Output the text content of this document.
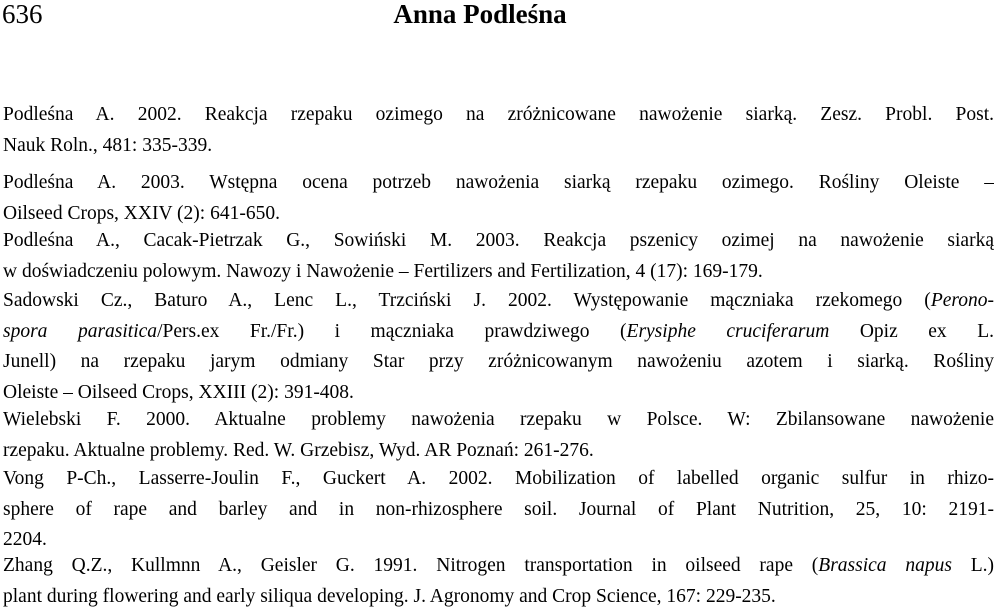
636	Anna Podleśna
Podleśna A. 2002. Reakcja rzepaku ozimego na zróżnicowane nawożenie siarką. Zesz. Probl. Post.
Nauk Roln., 481: 335-339.
Podleśna A. 2003. Wstępna ocena potrzeb nawożenia siarką rzepaku ozimego. Rośliny Oleiste –
Oilseed Crops, XXIV (2): 641-650.
Podleśna A., Cacak-Pietrzak G., Sowiński M. 2003. Reakcja pszenicy ozimej na nawożenie siarką
w doświadczeniu polowym. Nawozy i Nawożenie – Fertilizers and Fertilization, 4 (17): 169-179.
Sadowski Cz., Baturo A., Lenc L., Trzciński J. 2002. Występowanie mączniaka rzekomego (Perono-
spora parasitica/Pers.ex Fr./Fr.) i mączniaka prawdziwego (Erysiphe cruciferarum Opiz ex L.
Junell) na rzepaku jarym odmiany Star przy zróżnicowanym nawożeniu azotem i siarką. Rośliny
Oleiste – Oilseed Crops, XXIII (2): 391-408.
Wielebski F. 2000. Aktualne problemy nawożenia rzepaku w Polsce. W: Zbilansowane nawożenie
rzepaku. Aktualne problemy. Red. W. Grzebisz, Wyd. AR Poznań: 261-276.
Vong P-Ch., Lasserre-Joulin F., Guckert A. 2002. Mobilization of labelled organic sulfur in rhizo-
sphere of rape and barley and in non-rhizosphere soil. Journal of Plant Nutrition, 25, 10: 2191-
2204.
Zhang Q.Z., Kullmnn A., Geisler G. 1991. Nitrogen transportation in oilseed rape (Brassica napus L.)
plant during flowering and early siliqua developing. J. Agronomy and Crop Science, 167: 229-235.
